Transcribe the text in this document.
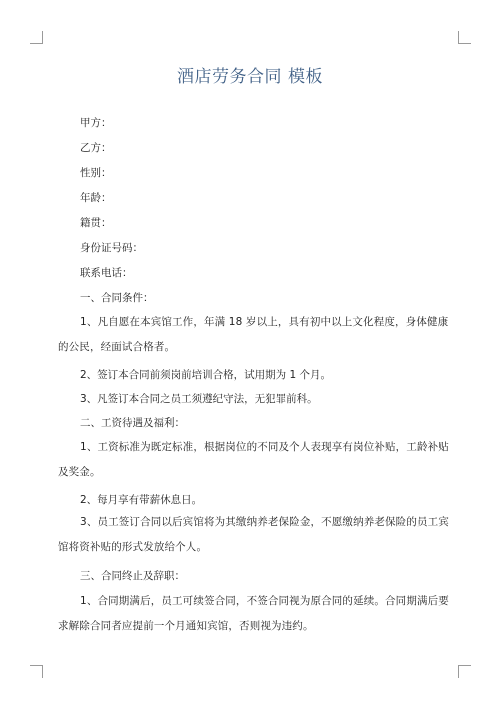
酒店劳务合同 模板
甲方：
乙方：
性别：
年龄：
籍贯：
身份证号码：
联系电话：
一、合同条件：
1、凡自愿在本宾馆工作，年满 18 岁以上，具有初中以上文化程度，身体健康的公民，经面试合格者。
2、签订本合同前须岗前培训合格，试用期为 1 个月。
3、凡签订本合同之员工须遵纪守法，无犯罪前科。
二、工资待遇及福利：
1、工资标准为既定标准，根据岗位的不同及个人表现享有岗位补贴，工龄补贴及奖金。
2、每月享有带薪休息日。
3、员工签订合同以后宾馆将为其缴纳养老保险金，不愿缴纳养老保险的员工宾馆将资补贴的形式发放给个人。
三、合同终止及辞职：
1、合同期满后，员工可续签合同，不签合同视为原合同的延续。合同期满后要求解除合同者应提前一个月通知宾馆，否则视为违约。
